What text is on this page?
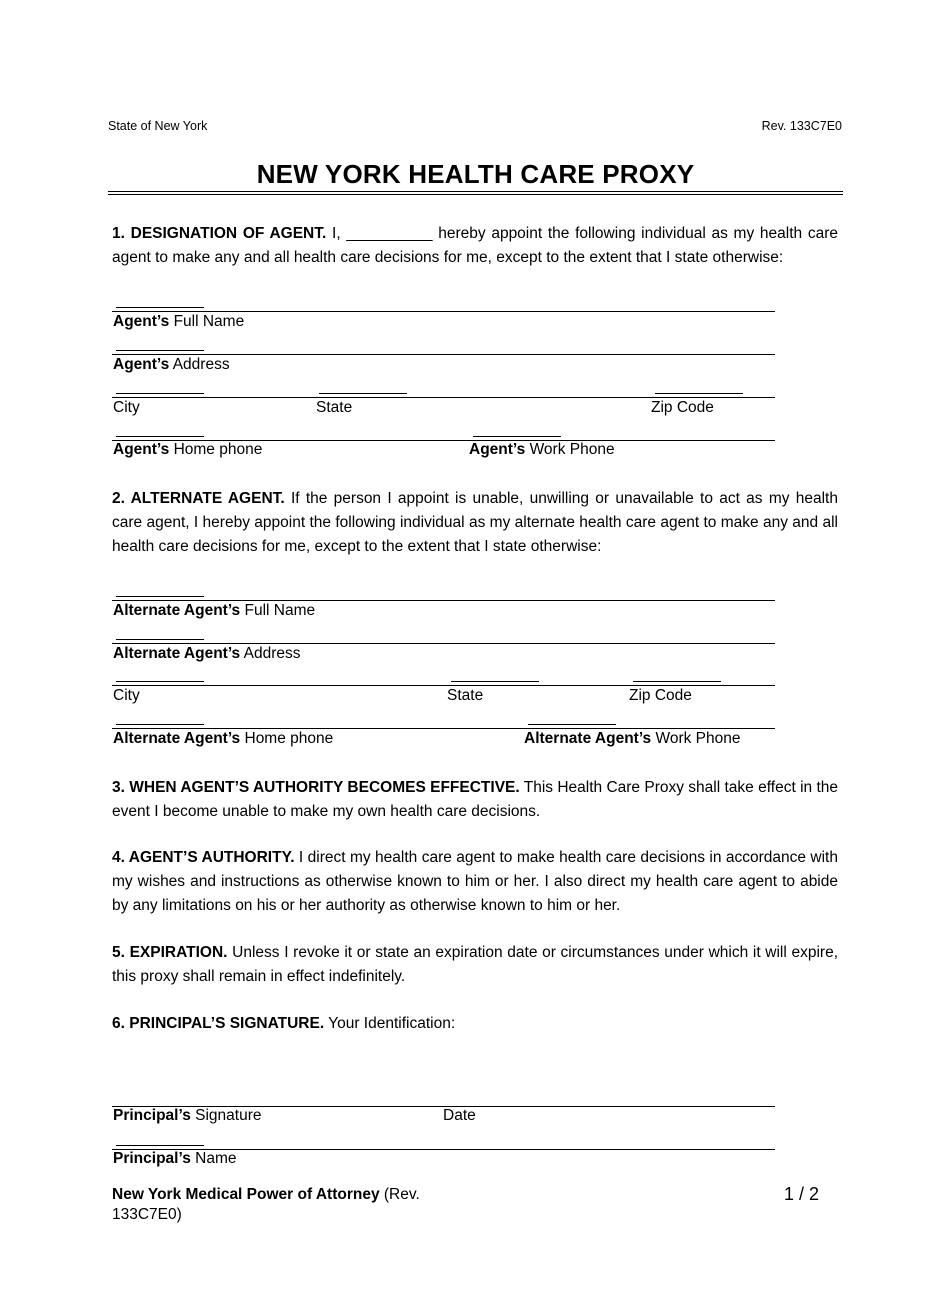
State of New York	Rev. 133C7E0
NEW YORK HEALTH CARE PROXY
1. DESIGNATION OF AGENT. I, __________ hereby appoint the following individual as my health care agent to make any and all health care decisions for me, except to the extent that I state otherwise:
Agent’s Full Name
Agent’s Address
City	State	Zip Code
Agent’s Home phone	Agent’s Work Phone
2. ALTERNATE AGENT. If the person I appoint is unable, unwilling or unavailable to act as my health care agent, I hereby appoint the following individual as my alternate health care agent to make any and all health care decisions for me, except to the extent that I state otherwise:
Alternate Agent’s Full Name
Alternate Agent’s Address
City	State	Zip Code
Alternate Agent’s Home phone	Alternate Agent’s Work Phone
3. WHEN AGENT’S AUTHORITY BECOMES EFFECTIVE. This Health Care Proxy shall take effect in the event I become unable to make my own health care decisions.
4. AGENT’S AUTHORITY. I direct my health care agent to make health care decisions in accordance with my wishes and instructions as otherwise known to him or her. I also direct my health care agent to abide by any limitations on his or her authority as otherwise known to him or her.
5. EXPIRATION. Unless I revoke it or state an expiration date or circumstances under which it will expire, this proxy shall remain in effect indefinitely.
6. PRINCIPAL’S SIGNATURE. Your Identification:
Principal’s Signature	Date
Principal’s Name
New York Medical Power of Attorney (Rev.
133C7E0)
1 / 2
